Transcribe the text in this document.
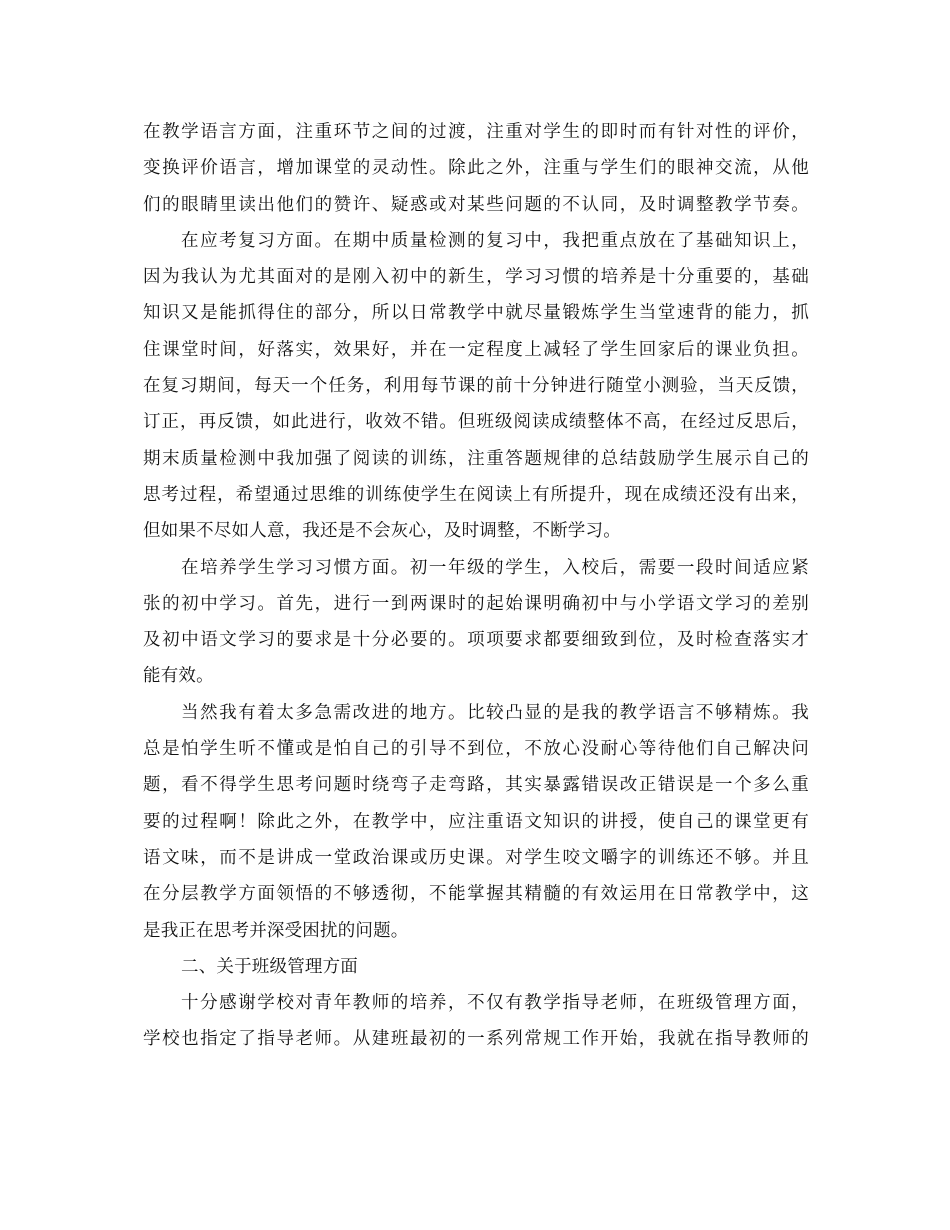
在教学语言方面，注重环节之间的过渡，注重对学生的即时而有针对性的评价，
变换评价语言，增加课堂的灵动性。除此之外，注重与学生们的眼神交流，从他
们的眼睛里读出他们的赞许、疑惑或对某些问题的不认同，及时调整教学节奏。
在应考复习方面。在期中质量检测的复习中，我把重点放在了基础知识上，
因为我认为尤其面对的是刚入初中的新生，学习习惯的培养是十分重要的，基础
知识又是能抓得住的部分，所以日常教学中就尽量锻炼学生当堂速背的能力，抓
住课堂时间，好落实，效果好，并在一定程度上减轻了学生回家后的课业负担。
在复习期间，每天一个任务，利用每节课的前十分钟进行随堂小测验，当天反馈，
订正，再反馈，如此进行，收效不错。但班级阅读成绩整体不高，在经过反思后，
期末质量检测中我加强了阅读的训练，注重答题规律的总结鼓励学生展示自己的
思考过程，希望通过思维的训练使学生在阅读上有所提升，现在成绩还没有出来，
但如果不尽如人意，我还是不会灰心，及时调整，不断学习。
在培养学生学习习惯方面。初一年级的学生，入校后，需要一段时间适应紧
张的初中学习。首先，进行一到两课时的起始课明确初中与小学语文学习的差别
及初中语文学习的要求是十分必要的。项项要求都要细致到位，及时检查落实才
能有效。
当然我有着太多急需改进的地方。比较凸显的是我的教学语言不够精炼。我
总是怕学生听不懂或是怕自己的引导不到位，不放心没耐心等待他们自己解决问
题，看不得学生思考问题时绕弯子走弯路，其实暴露错误改正错误是一个多么重
要的过程啊！除此之外，在教学中，应注重语文知识的讲授，使自己的课堂更有
语文味，而不是讲成一堂政治课或历史课。对学生咬文嚼字的训练还不够。并且
在分层教学方面领悟的不够透彻，不能掌握其精髓的有效运用在日常教学中，这
是我正在思考并深受困扰的问题。
二、关于班级管理方面
十分感谢学校对青年教师的培养，不仅有教学指导老师，在班级管理方面，
学校也指定了指导老师。从建班最初的一系列常规工作开始，我就在指导教师的
